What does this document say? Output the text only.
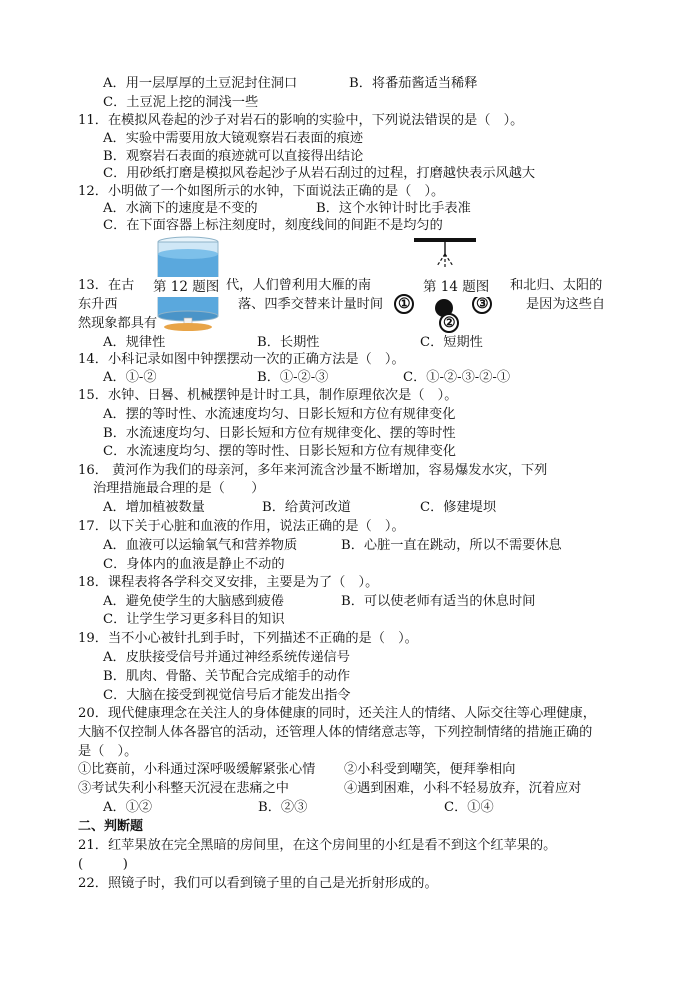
A．用一层厚厚的土豆泥封住洞口	B．将番茄酱适当稀释
C．土豆泥上挖的洞浅一些
11．在模拟风卷起的沙子对岩石的影响的实验中，下列说法错误的是（　）。
A．实验中需要用放大镜观察岩石表面的痕迹
B．观察岩石表面的痕迹就可以直接得出结论
C．用砂纸打磨是模拟风卷起沙子从岩石刮过的过程，打磨越快表示风越大
12．小明做了一个如图所示的水钟，下面说法正确的是（　）。
A．水滴下的速度是不变的	B．这个水钟计时比手表准
C．在下面容器上标注刻度时，刻度线间的间距不是均匀的
13．在古	代，人们曾利用大雁的南	和北归、太阳的
东升西	落、四季交替来计量时间	是因为这些自
然现象都具有
A．规律性	B．长期性	C．短期性
14．小科记录如图中钟摆摆动一次的正确方法是（　）。
A．①-②	B．①-②-③	C．①-②-③-②-①
15．水钟、日晷、机械摆钟是计时工具，制作原理依次是（　）。
A．摆的等时性、水流速度均匀、日影长短和方位有规律变化
B．水流速度均匀、日影长短和方位有规律变化、摆的等时性
C．水流速度均匀、摆的等时性、日影长短和方位有规律变化
16． 黄河作为我们的母亲河，多年来河流含沙量不断增加，容易爆发水灾，下列
治理措施最合理的是（　　）
A．增加植被数量	B．给黄河改道	C．修建堤坝
17．以下关于心脏和血液的作用，说法正确的是（　）。
A．血液可以运输氧气和营养物质	B．心脏一直在跳动，所以不需要休息
C．身体内的血液是静止不动的
18．课程表将各学科交叉安排，主要是为了（　）。
A．避免使学生的大脑感到疲倦	B．可以使老师有适当的休息时间
C．让学生学习更多科目的知识
19．当不小心被针扎到手时，下列描述不正确的是（　）。
A．皮肤接受信号并通过神经系统传递信号
B．肌肉、骨骼、关节配合完成缩手的动作
C．大脑在接受到视觉信号后才能发出指令
20．现代健康理念在关注人的身体健康的同时，还关注人的情绪、人际交往等心理健康，
大脑不仅控制人体各器官的活动，还管理人体的情绪意志等，下列控制情绪的措施正确的
是（　）。
①比赛前，小科通过深呼吸缓解紧张心情 ②小科受到嘲笑，便拜拳相向
③考试失利小科整天沉浸在悲痛之中	④遇到困难，小科不轻易放弃，沉着应对
A．①②	B．②③	C．①④
二、判断题
21．红苹果放在完全黑暗的房间里，在这个房间里的小红是看不到这个红苹果的。
(　　　)
22．照镜子时，我们可以看到镜子里的自己是光折射形成的。
第 12 题图	第 14 题图
①
②
③
